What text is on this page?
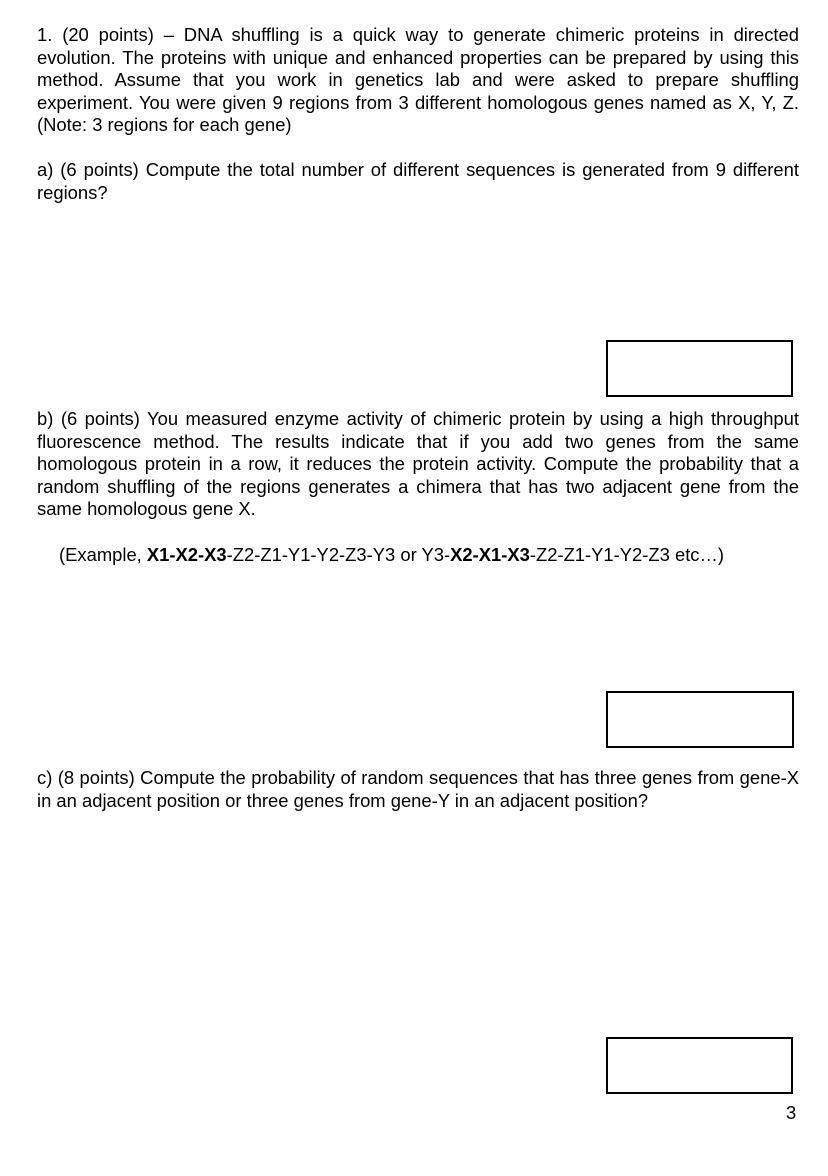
1. (20 points) – DNA shuffling is a quick way to generate chimeric proteins in directed evolution. The proteins with unique and enhanced properties can be prepared by using this method. Assume that you work in genetics lab and were asked to prepare shuffling experiment. You were given 9 regions from 3 different homologous genes named as X, Y, Z. (Note: 3 regions for each gene)
a) (6 points) Compute the total number of different sequences is generated from 9 different regions?
b) (6 points) You measured enzyme activity of chimeric protein by using a high throughput fluorescence method. The results indicate that if you add two genes from the same homologous protein in a row, it reduces the protein activity. Compute the probability that a random shuffling of the regions generates a chimera that has two adjacent gene from the same homologous gene X.
(Example, X1-X2-X3-Z2-Z1-Y1-Y2-Z3-Y3 or Y3-X2-X1-X3-Z2-Z1-Y1-Y2-Z3 etc…)
c) (8 points) Compute the probability of random sequences that has three genes from gene-X in an adjacent position or three genes from gene-Y in an adjacent position?
3
